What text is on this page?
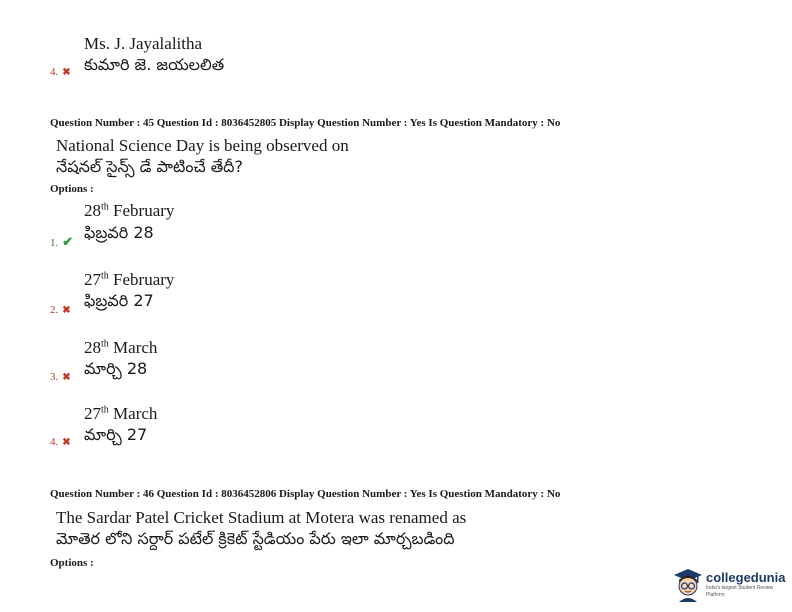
Ms. J. Jayalalitha
కుమారి జె. జయలలిత
4. ✖
Question Number : 45 Question Id : 8036452805 Display Question Number : Yes Is Question Mandatory : No
National Science Day is being observed on
నేషనల్ సైన్స్ డే పాటించే తేదీ?
Options :
28th February
ఫిబ్రవరి 28
1. ✔
27th February
ఫిబ్రవరి 27
2. ✖
28th March
మార్చి 28
3. ✖
27th March
మార్చి 27
4. ✖
Question Number : 46 Question Id : 8036452806 Display Question Number : Yes Is Question Mandatory : No
The Sardar Patel Cricket Stadium at Motera was renamed as
మోతెర లోని సర్దార్ పటేల్ క్రికెట్ స్టేడియం పేరు ఇలా మార్చబడింది
Options :
collegedunia
India's largest Student Review Platform
